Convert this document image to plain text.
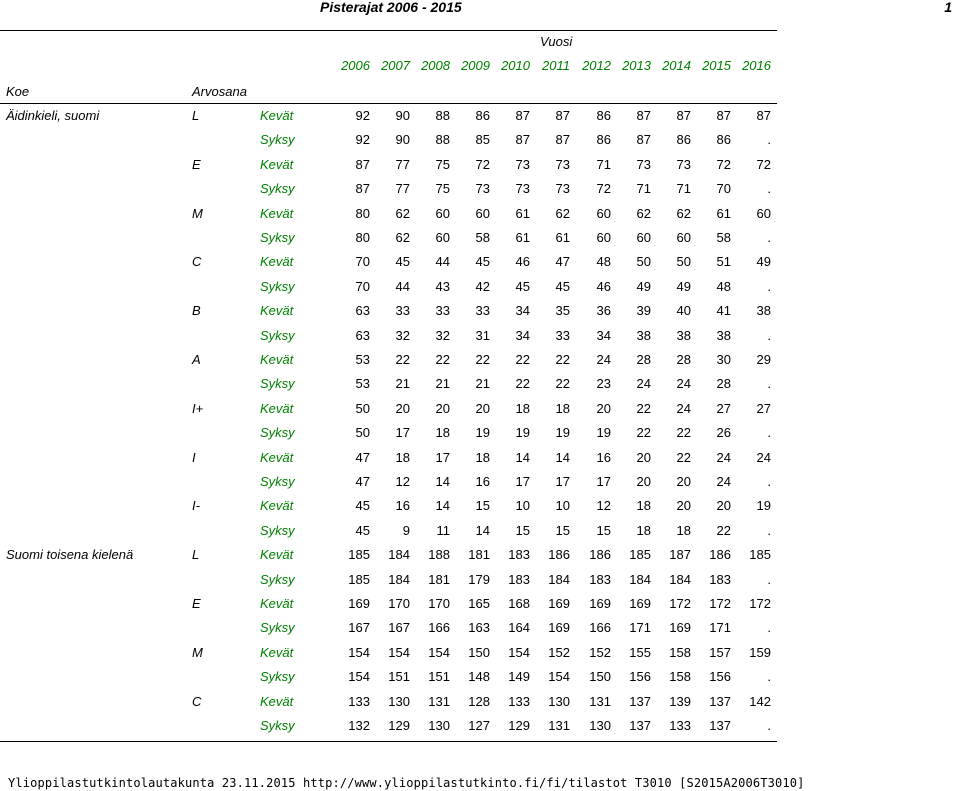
Pisterajat 2006 - 2015	1
Vuosi
2006 2007 2008 2009 2010 2011 2012 2013 2014 2015 2016
Koe	Arvosana
Äidinkieli, suomi	L	Kevät	92	90	88	86	87	87	86	87	87	87	87
Syksy	92	90	88	85	87	87	86	87	86	86	.
E	Kevät	87	77	75	72	73	73	71	73	73	72	72
Syksy	87	77	75	73	73	73	72	71	71	70	.
M	Kevät	80	62	60	60	61	62	60	62	62	61	60
Syksy	80	62	60	58	61	61	60	60	60	58	.
C	Kevät	70	45	44	45	46	47	48	50	50	51	49
Syksy	70	44	43	42	45	45	46	49	49	48	.
B	Kevät	63	33	33	33	34	35	36	39	40	41	38
Syksy	63	32	32	31	34	33	34	38	38	38	.
A	Kevät	53	22	22	22	22	22	24	28	28	30	29
Syksy	53	21	21	21	22	22	23	24	24	28	.
I+	Kevät	50	20	20	20	18	18	20	22	24	27	27
Syksy	50	17	18	19	19	19	19	22	22	26	.
I	Kevät	47	18	17	18	14	14	16	20	22	24	24
Syksy	47	12	14	16	17	17	17	20	20	24	.
I-	Kevät	45	16	14	15	10	10	12	18	20	20	19
Syksy	45	9	11	14	15	15	15	18	18	22	.
Suomi toisena kielenä	L	Kevät	185	184	188	181	183	186	186	185	187	186	185
Syksy	185	184	181	179	183	184	183	184	184	183	.
E	Kevät	169	170	170	165	168	169	169	169	172	172	172
Syksy	167	167	166	163	164	169	166	171	169	171	.
M	Kevät	154	154	154	150	154	152	152	155	158	157	159
Syksy	154	151	151	148	149	154	150	156	158	156	.
C	Kevät	133	130	131	128	133	130	131	137	139	137	142
Syksy	132	129	130	127	129	131	130	137	133	137	.
Ylioppilastutkintolautakunta 23.11.2015 http://www.ylioppilastutkinto.fi/fi/tilastot T3010 [S2015A2006T3010]
